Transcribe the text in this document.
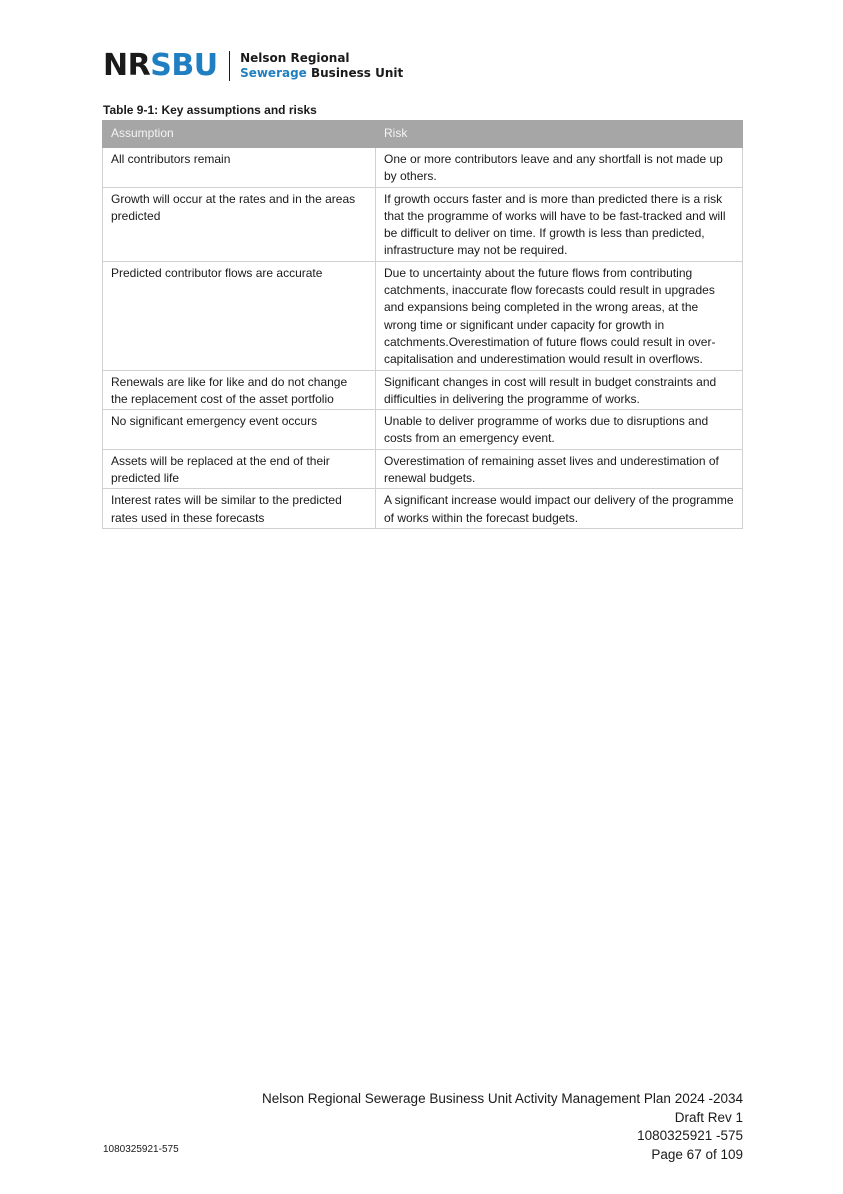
NRSBU Nelson Regional
Sewerage Business Unit
Table 9-1: Key assumptions and risks
Assumption	Risk
All contributors remain	One or more contributors leave and any shortfall is not made up by others.
Growth will occur at the rates and in the areas predicted	If growth occurs faster and is more than predicted there is a risk that the programme of works will have to be fast-tracked and will be difficult to deliver on time. If growth is less than predicted, infrastructure may not be required.
Predicted contributor flows are accurate	Due to uncertainty about the future flows from contributing catchments, inaccurate flow forecasts could result in upgrades and expansions being completed in the wrong areas, at the wrong time or significant under capacity for growth in catchments.Overestimation of future flows could result in over-capitalisation and underestimation would result in overflows.
Renewals are like for like and do not change the replacement cost of the asset portfolio	Significant changes in cost will result in budget constraints and difficulties in delivering the programme of works.
No significant emergency event occurs	Unable to deliver programme of works due to disruptions and costs from an emergency event.
Assets will be replaced at the end of their predicted life	Overestimation of remaining asset lives and underestimation of renewal budgets.
Interest rates will be similar to the predicted rates used in these forecasts	A significant increase would impact our delivery of the programme of works within the forecast budgets.
1080325921-575
Nelson Regional Sewerage Business Unit Activity Management Plan 2024 -2034
Draft Rev 1
1080325921 -575
Page 67 of 109
